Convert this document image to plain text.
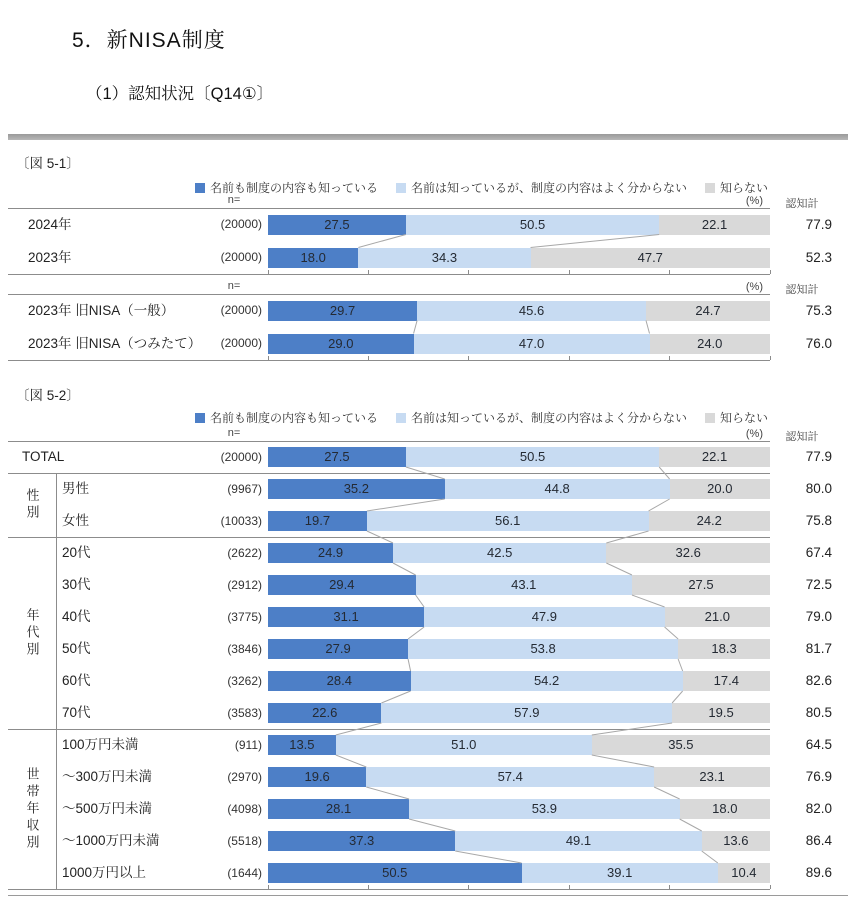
5．新NISA制度
（1）認知状況〔Q14①〕
〔図 5-1〕
名前も制度の内容も知っている	名前は知っているが、制度の内容はよく分からない	知らない
n=	(%)	認知計
2024年	(20000)	27.5	50.5	22.1	77.9
2023年	(20000)	18.0	34.3	47.7	52.3
n=	(%)	認知計
2023年 旧NISA（一般）	(20000)	29.7	45.6	24.7	75.3
2023年 旧NISA（つみたて）	(20000)	29.0	47.0	24.0	76.0
〔図 5-2〕
名前も制度の内容も知っている	名前は知っているが、制度の内容はよく分からない	知らない
n=	(%)	認知計
TOTAL	(20000)	27.5	50.5	22.1	77.9
性別 男性	(9967)	35.2	44.8	20.0	80.0
女性	(10033)	19.7	56.1	24.2	75.8
年代別
20代	(2622)	24.9	42.5	32.6	67.4
30代	(2912)	29.4	43.1	27.5	72.5
40代	(3775)	31.1	47.9	21.0	79.0
50代	(3846)	27.9	53.8	18.3	81.7
60代	(3262)	28.4	54.2	17.4	82.6
70代	(3583)	22.6	57.9	19.5	80.5
世帯年収別
100万円未満	(911)	13.5	51.0	35.5	64.5
～300万円未満	(2970)	19.6	57.4	23.1	76.9
～500万円未満	(4098)	28.1	53.9	18.0	82.0
～1000万円未満	(5518)	37.3	49.1	13.6	86.4
1000万円以上	(1644)	50.5	39.1	10.4	89.6
